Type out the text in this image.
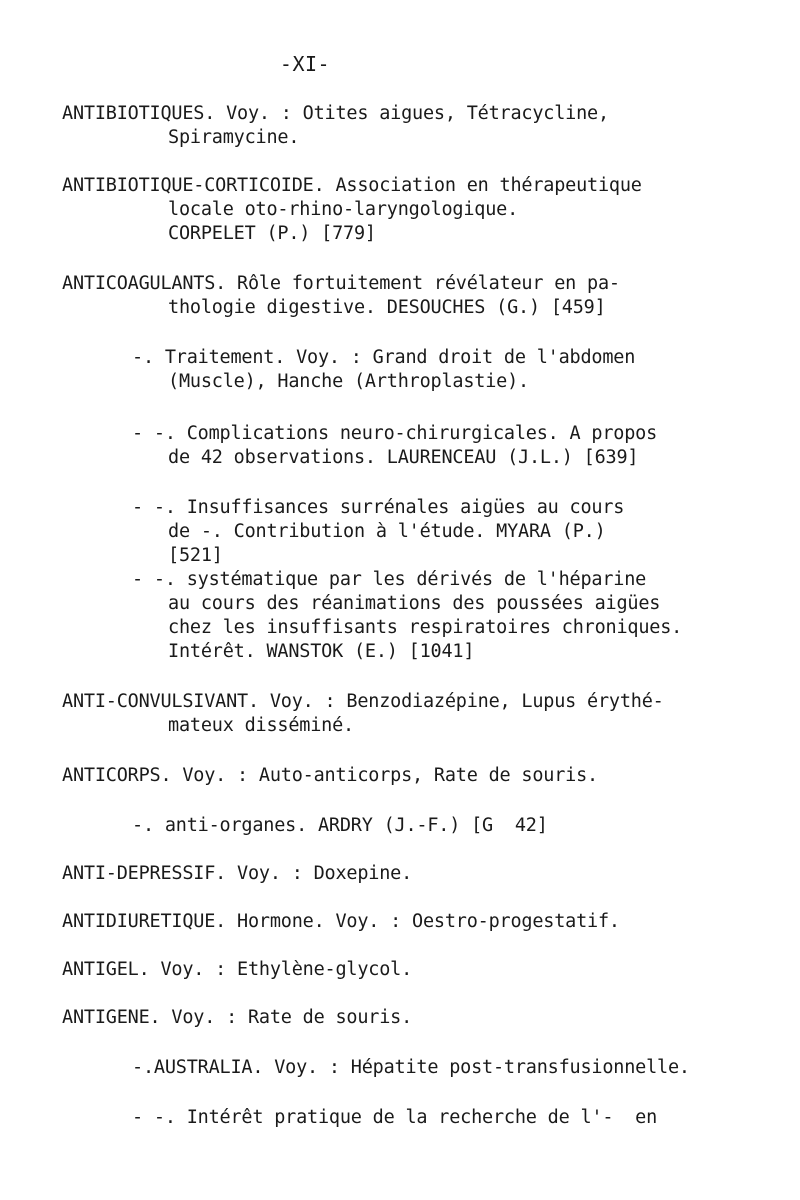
-XI-
ANTIBIOTIQUES. Voy. : Otites aigues, Tétracycline,
Spiramycine.
ANTIBIOTIQUE-CORTICOIDE. Association en thérapeutique
locale oto-rhino-laryngologique.
CORPELET (P.) [779]
ANTICOAGULANTS. Rôle fortuitement révélateur en pa-
thologie digestive. DESOUCHES (G.) [459]
-. Traitement. Voy. : Grand droit de l'abdomen
(Muscle), Hanche (Arthroplastie).
- -. Complications neuro-chirurgicales. A propos
de 42 observations. LAURENCEAU (J.L.) [639]
- -. Insuffisances surrénales aigües au cours
de -. Contribution à l'étude. MYARA (P.)
[521]
- -. systématique par les dérivés de l'héparine
au cours des réanimations des poussées aigües
chez les insuffisants respiratoires chroniques.
Intérêt. WANSTOK (E.) [1041]
ANTI-CONVULSIVANT. Voy. : Benzodiazépine, Lupus érythé-
mateux disséminé.
ANTICORPS. Voy. : Auto-anticorps, Rate de souris.
-. anti-organes. ARDRY (J.-F.) [G  42]
ANTI-DEPRESSIF. Voy. : Doxepine.
ANTIDIURETIQUE. Hormone. Voy. : Oestro-progestatif.
ANTIGEL. Voy. : Ethylène-glycol.
ANTIGENE. Voy. : Rate de souris.
-.AUSTRALIA. Voy. : Hépatite post-transfusionnelle.
- -. Intérêt pratique de la recherche de l'-  en
